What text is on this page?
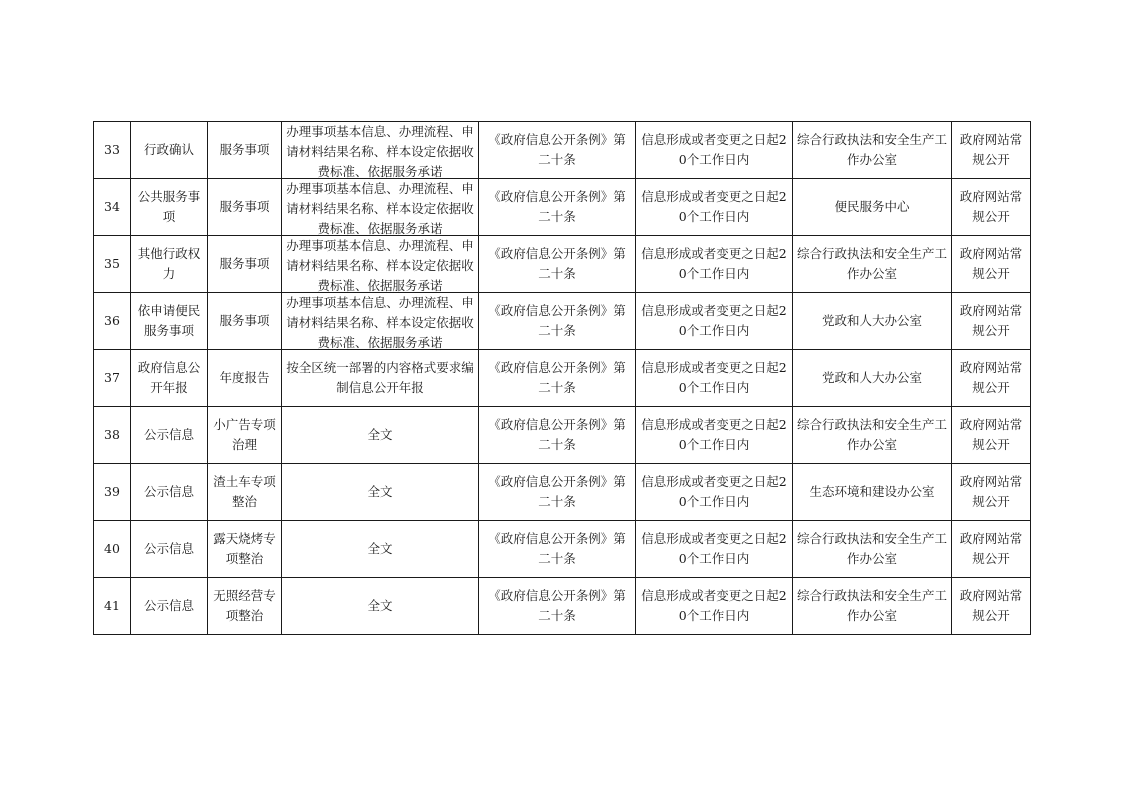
33	行政确认	服务事项	办理事项基本信息、办理流程、申请材料结果名称、样本设定依据收费标准、依据服务承诺	《政府信息公开条例》第二十条	信息形成或者变更之日起20个工作日内	综合行政执法和安全生产工作办公室	政府网站常规公开

34	公共服务事项	服务事项	办理事项基本信息、办理流程、申请材料结果名称、样本设定依据收费标准、依据服务承诺	《政府信息公开条例》第二十条	信息形成或者变更之日起20个工作日内	便民服务中心	政府网站常规公开

35	其他行政权力	服务事项	办理事项基本信息、办理流程、申请材料结果名称、样本设定依据收费标准、依据服务承诺	《政府信息公开条例》第二十条	信息形成或者变更之日起20个工作日内	综合行政执法和安全生产工作办公室	政府网站常规公开

36	依申请便民服务事项	服务事项	办理事项基本信息、办理流程、申请材料结果名称、样本设定依据收费标准、依据服务承诺	《政府信息公开条例》第二十条	信息形成或者变更之日起20个工作日内	党政和人大办公室	政府网站常规公开

37	政府信息公开年报	年度报告	按全区统一部署的内容格式要求编制信息公开年报	《政府信息公开条例》第二十条	信息形成或者变更之日起20个工作日内	党政和人大办公室	政府网站常规公开

38	公示信息	小广告专项治理	全文	《政府信息公开条例》第二十条	信息形成或者变更之日起20个工作日内	综合行政执法和安全生产工作办公室	政府网站常规公开

39	公示信息	渣土车专项整治	全文	《政府信息公开条例》第二十条	信息形成或者变更之日起20个工作日内	生态环境和建设办公室	政府网站常规公开

40	公示信息	露天烧烤专项整治	全文	《政府信息公开条例》第二十条	信息形成或者变更之日起20个工作日内	综合行政执法和安全生产工作办公室	政府网站常规公开

41	公示信息	无照经营专项整治	全文	《政府信息公开条例》第二十条	信息形成或者变更之日起20个工作日内	综合行政执法和安全生产工作办公室	政府网站常规公开
